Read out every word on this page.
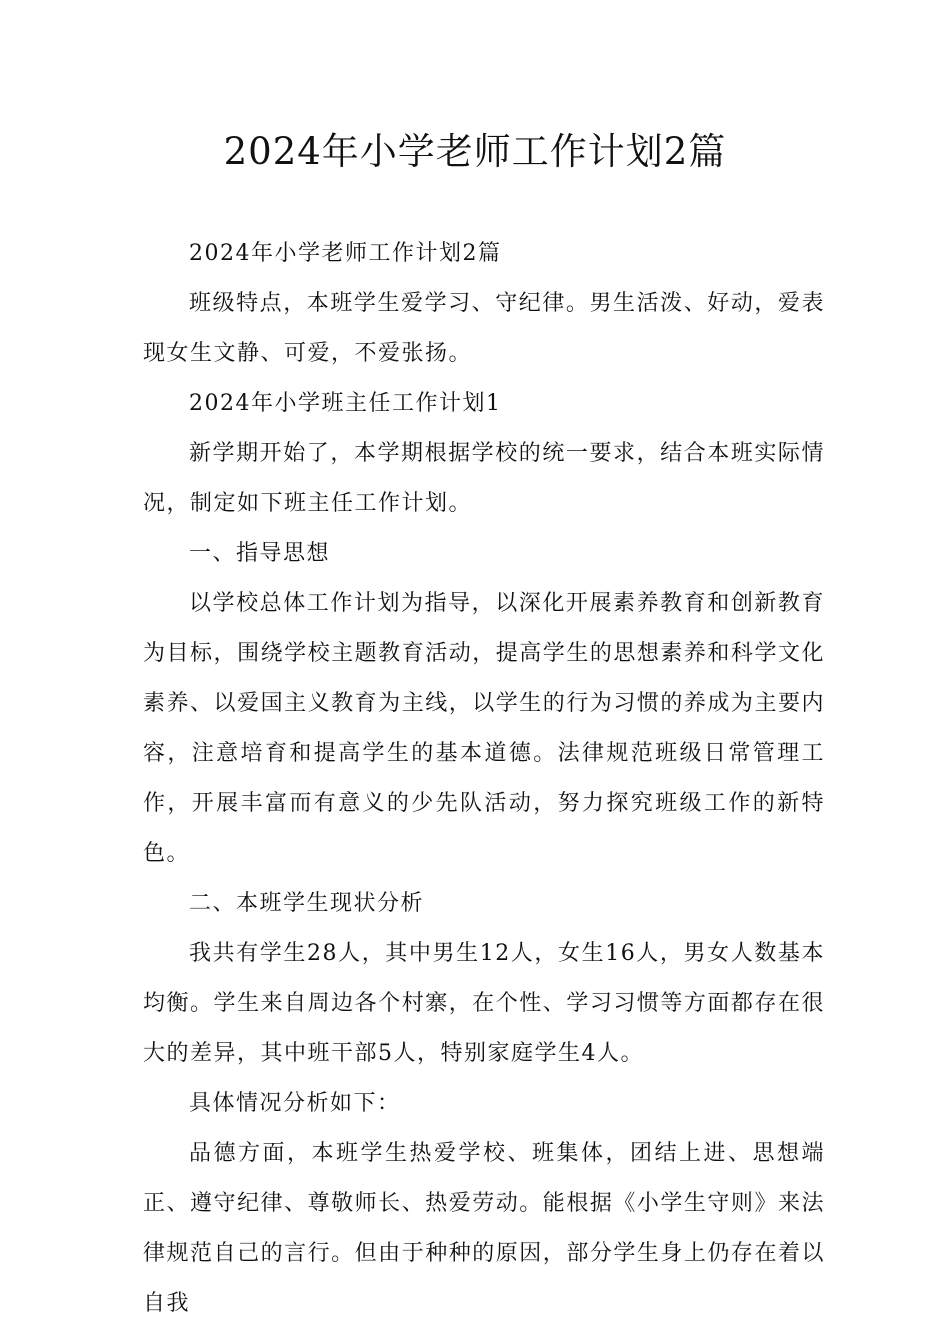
2024年小学老师工作计划2篇

2024年小学老师工作计划2篇

班级特点，本班学生爱学习、守纪律。男生活泼、好动，爱表现女生文静、可爱，不爱张扬。

2024年小学班主任工作计划1

新学期开始了，本学期根据学校的统一要求，结合本班实际情况，制定如下班主任工作计划。

一、指导思想

以学校总体工作计划为指导，以深化开展素养教育和创新教育为目标，围绕学校主题教育活动，提高学生的思想素养和科学文化素养、以爱国主义教育为主线，以学生的行为习惯的养成为主要内容，注意培育和提高学生的基本道德。法律规范班级日常管理工作，开展丰富而有意义的少先队活动，努力探究班级工作的新特色。

二、本班学生现状分析

我共有学生28人，其中男生12人，女生16人，男女人数基本均衡。学生来自周边各个村寨，在个性、学习习惯等方面都存在很大的差异，其中班干部5人，特别家庭学生4人。

具体情况分析如下：

品德方面，本班学生热爱学校、班集体，团结上进、思想端正、遵守纪律、尊敬师长、热爱劳动。能根据《小学生守则》来法律规范自己的言行。但由于种种的原因，部分学生身上仍存在着以自我
